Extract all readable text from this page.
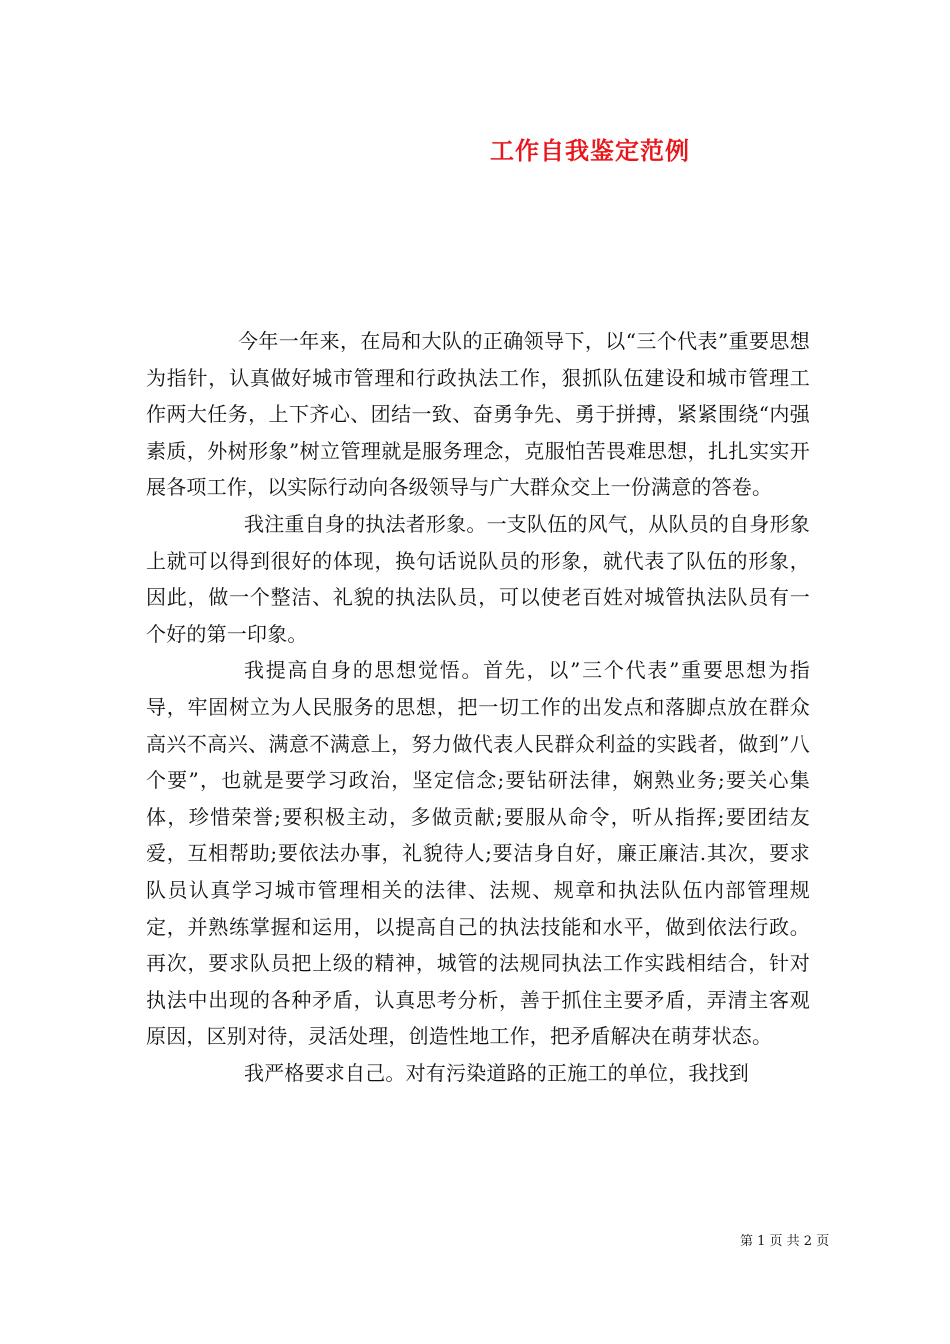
工作自我鉴定范例

今年一年来，在局和大队的正确领导下，以“三个代表”重要思想为指针，认真做好城市管理和行政执法工作，狠抓队伍建设和城市管理工作两大任务，上下齐心、团结一致、奋勇争先、勇于拼搏，紧紧围绕“内强素质，外树形象”树立管理就是服务理念，克服怕苦畏难思想，扎扎实实开展各项工作，以实际行动向各级领导与广大群众交上一份满意的答卷。

我注重自身的执法者形象。一支队伍的风气，从队员的自身形象上就可以得到很好的体现，换句话说队员的形象，就代表了队伍的形象，因此，做一个整洁、礼貌的执法队员，可以使老百姓对城管执法队员有一个好的第一印象。

我提高自身的思想觉悟。首先，以”三个代表”重要思想为指导，牢固树立为人民服务的思想，把一切工作的出发点和落脚点放在群众高兴不高兴、满意不满意上，努力做代表人民群众利益的实践者，做到”八个要”，也就是要学习政治，坚定信念;要钻研法律，娴熟业务;要关心集体，珍惜荣誉;要积极主动，多做贡献;要服从命令，听从指挥;要团结友爱，互相帮助;要依法办事，礼貌待人;要洁身自好，廉正廉洁.其次，要求队员认真学习城市管理相关的法律、法规、规章和执法队伍内部管理规定，并熟练掌握和运用，以提高自己的执法技能和水平，做到依法行政。再次，要求队员把上级的精神，城管的法规同执法工作实践相结合，针对执法中出现的各种矛盾，认真思考分析，善于抓住主要矛盾，弄清主客观原因，区别对待，灵活处理，创造性地工作，把矛盾解决在萌芽状态。

我严格要求自己。对有污染道路的正施工的单位，我找到

第 1 页 共 2 页
